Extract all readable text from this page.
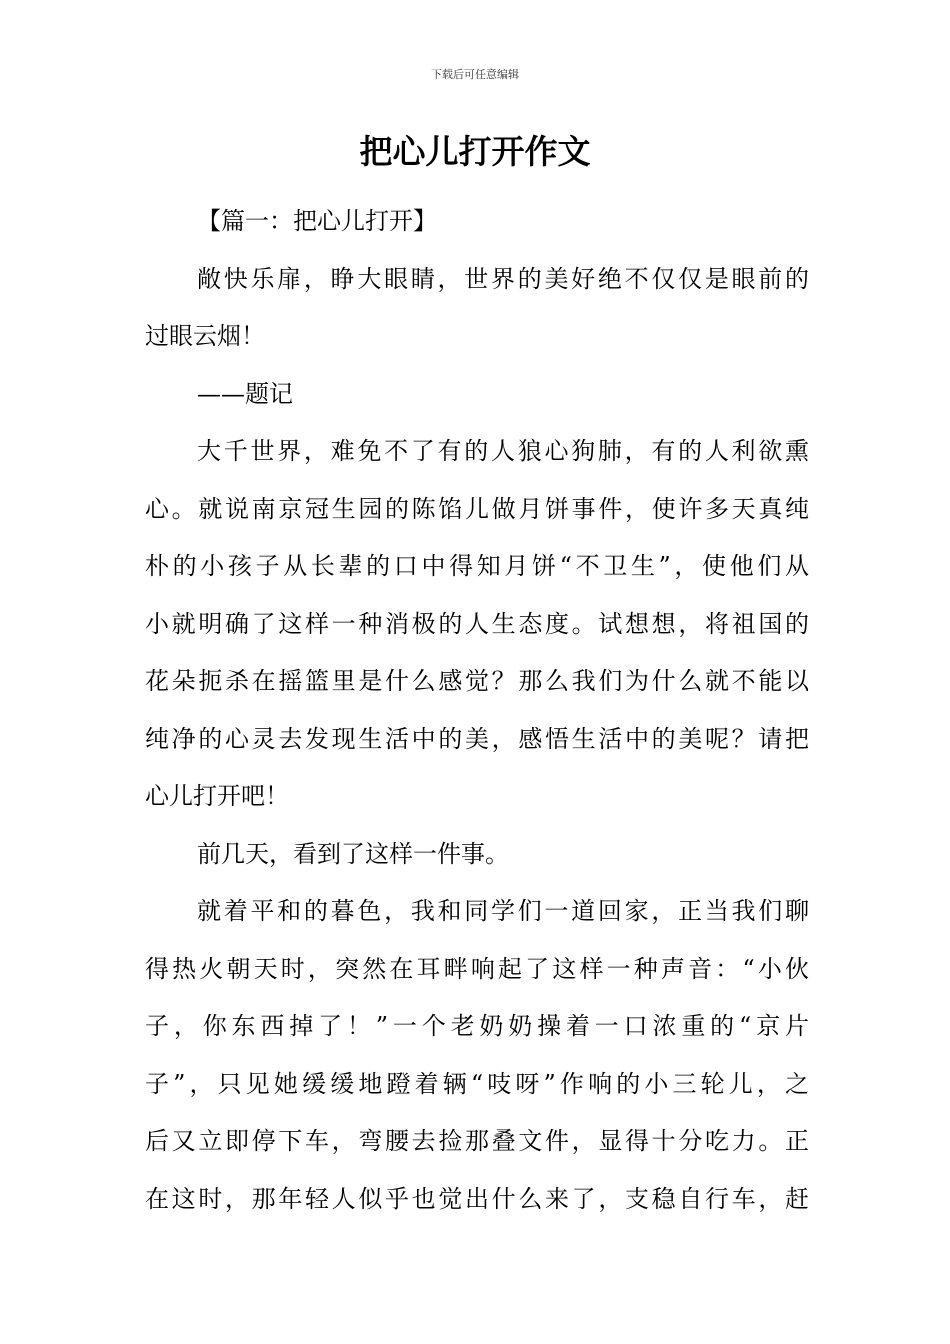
下载后可任意编辑
把心儿打开作文
【篇一：把心儿打开】
敞快乐扉，睁大眼睛，世界的美好绝不仅仅是眼前的
过眼云烟！
——题记
大千世界，难免不了有的人狼心狗肺，有的人利欲熏
心。就说南京冠生园的陈馅儿做月饼事件，使许多天真纯
朴的小孩子从长辈的口中得知月饼“不卫生”，使他们从
小就明确了这样一种消极的人生态度。试想想，将祖国的
花朵扼杀在摇篮里是什么感觉？那么我们为什么就不能以
纯净的心灵去发现生活中的美，感悟生活中的美呢？请把
心儿打开吧！
前几天，看到了这样一件事。
就着平和的暮色，我和同学们一道回家，正当我们聊
得热火朝天时，突然在耳畔响起了这样一种声音：“小伙
子，你东西掉了！”一个老奶奶操着一口浓重的“京片
子”，只见她缓缓地蹬着辆“吱呀”作响的小三轮儿，之
后又立即停下车，弯腰去捡那叠文件，显得十分吃力。正
在这时，那年轻人似乎也觉出什么来了，支稳自行车，赶
